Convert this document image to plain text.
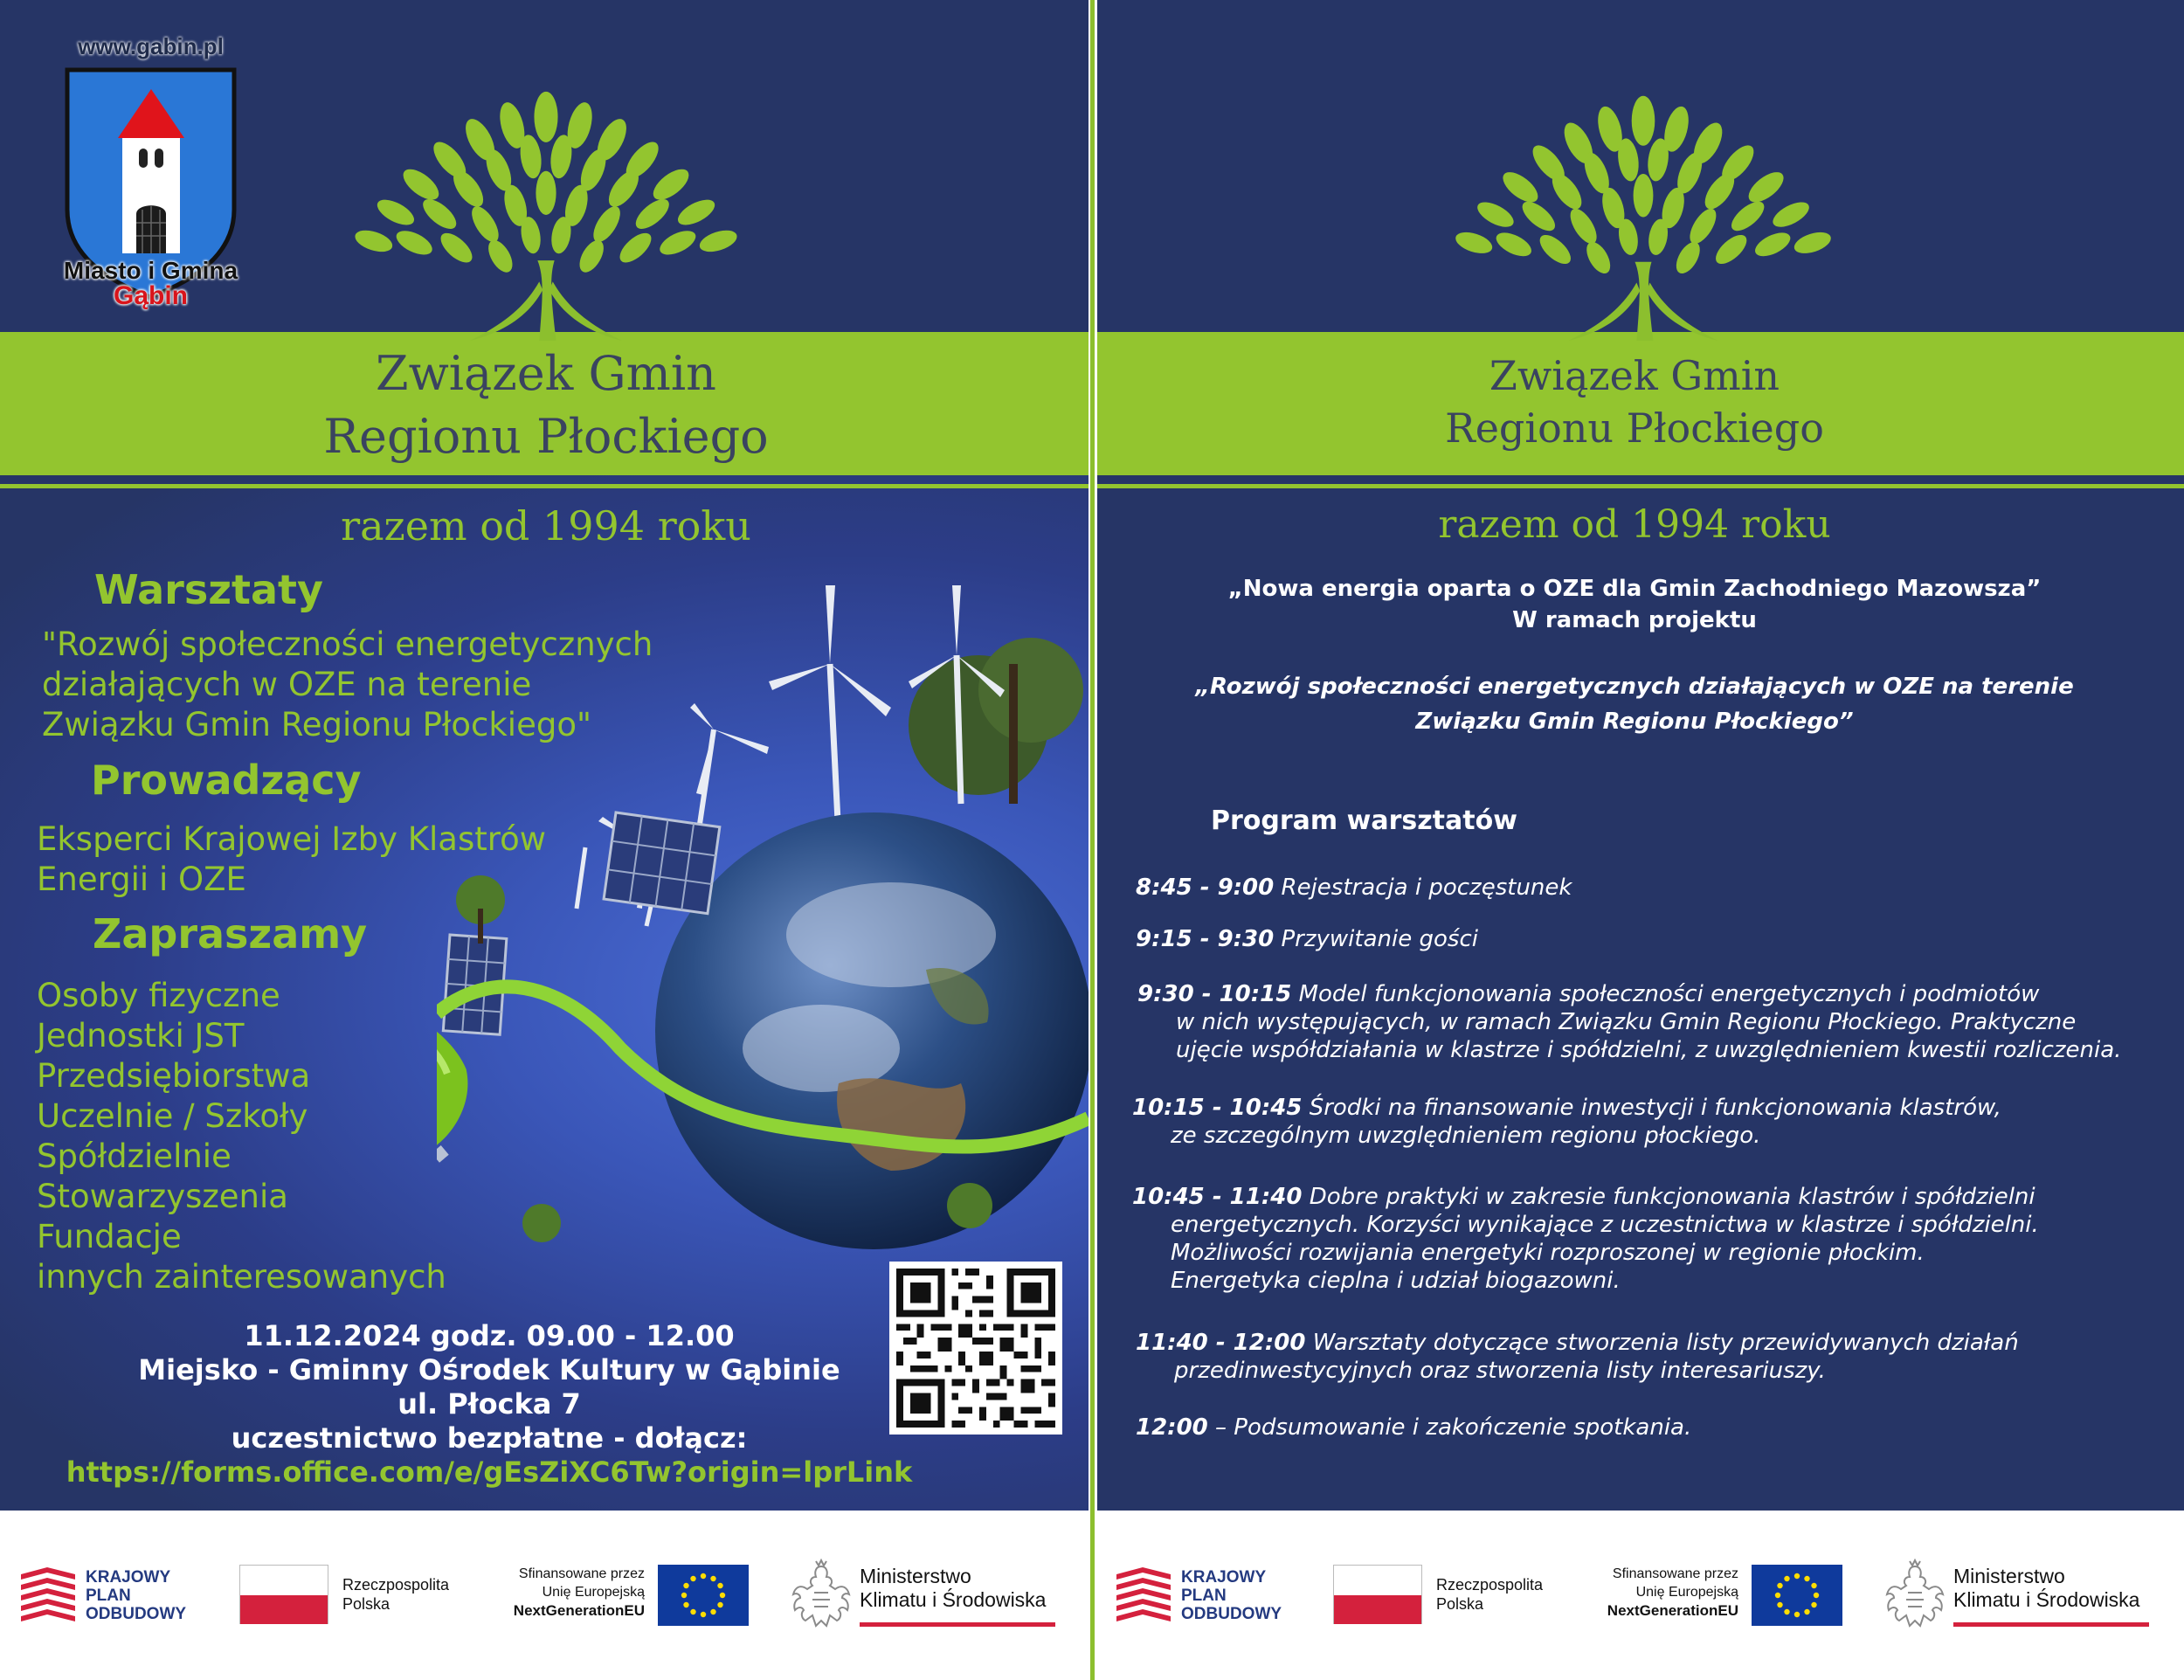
www.gabin.pl
Miasto i Gmina
Gąbin
Związek Gmin
Regionu Płockiego
razem od 1994 roku
Warsztaty
"Rozwój społeczności energetycznych
działających w OZE na terenie
Związku Gmin Regionu Płockiego"
Prowadzący
Eksperci Krajowej Izby Klastrów
Energii i OZE
Zapraszamy
Osoby fizyczne
Jednostki JST
Przedsiębiorstwa
Uczelnie / Szkoły
Spółdzielnie
Stowarzyszenia
Fundacje
innych zainteresowanych
11.12.2024 godz. 09.00 - 12.00
Miejsko - Gminny Ośrodek Kultury w Gąbinie
ul. Płocka 7
uczestnictwo bezpłatne - dołącz:
https://forms.office.com/e/gEsZiXC6Tw?origin=lprLink
KRAJOWY
PLAN
ODBUDOWY
Rzeczpospolita
Polska
Sfinansowane przez
Unię Europejską
NextGenerationEU
Ministerstwo
Klimatu i Środowiska
Związek Gmin
Regionu Płockiego
razem od 1994 roku
„Nowa energia oparta o OZE dla Gmin Zachodniego Mazowsza”
W ramach projektu
„Rozwój społeczności energetycznych działających w OZE na terenie
Związku Gmin Regionu Płockiego”
Program warsztatów
8:45 - 9:00 Rejestracja i poczęstunek
9:15 - 9:30 Przywitanie gości
9:30 - 10:15 Model funkcjonowania społeczności energetycznych i podmiotów
w nich występujących, w ramach Związku Gmin Regionu Płockiego. Praktyczne
ujęcie współdziałania w klastrze i spółdzielni, z uwzględnieniem kwestii rozliczenia.
10:15 - 10:45 Środki na finansowanie inwestycji i funkcjonowania klastrów,
ze szczególnym uwzględnieniem regionu płockiego.
10:45 - 11:40 Dobre praktyki w zakresie funkcjonowania klastrów i spółdzielni
energetycznych. Korzyści wynikające z uczestnictwa w klastrze i spółdzielni.
Możliwości rozwijania energetyki rozproszonej w regionie płockim.
Energetyka cieplna i udział biogazowni.
11:40 - 12:00 Warsztaty dotyczące stworzenia listy przewidywanych działań
przedinwestycyjnych oraz stworzenia listy interesariuszy.
12:00 – Podsumowanie i zakończenie spotkania.
KRAJOWY
PLAN
ODBUDOWY
Rzeczpospolita
Polska
Sfinansowane przez
Unię Europejską
NextGenerationEU
Ministerstwo
Klimatu i Środowiska
